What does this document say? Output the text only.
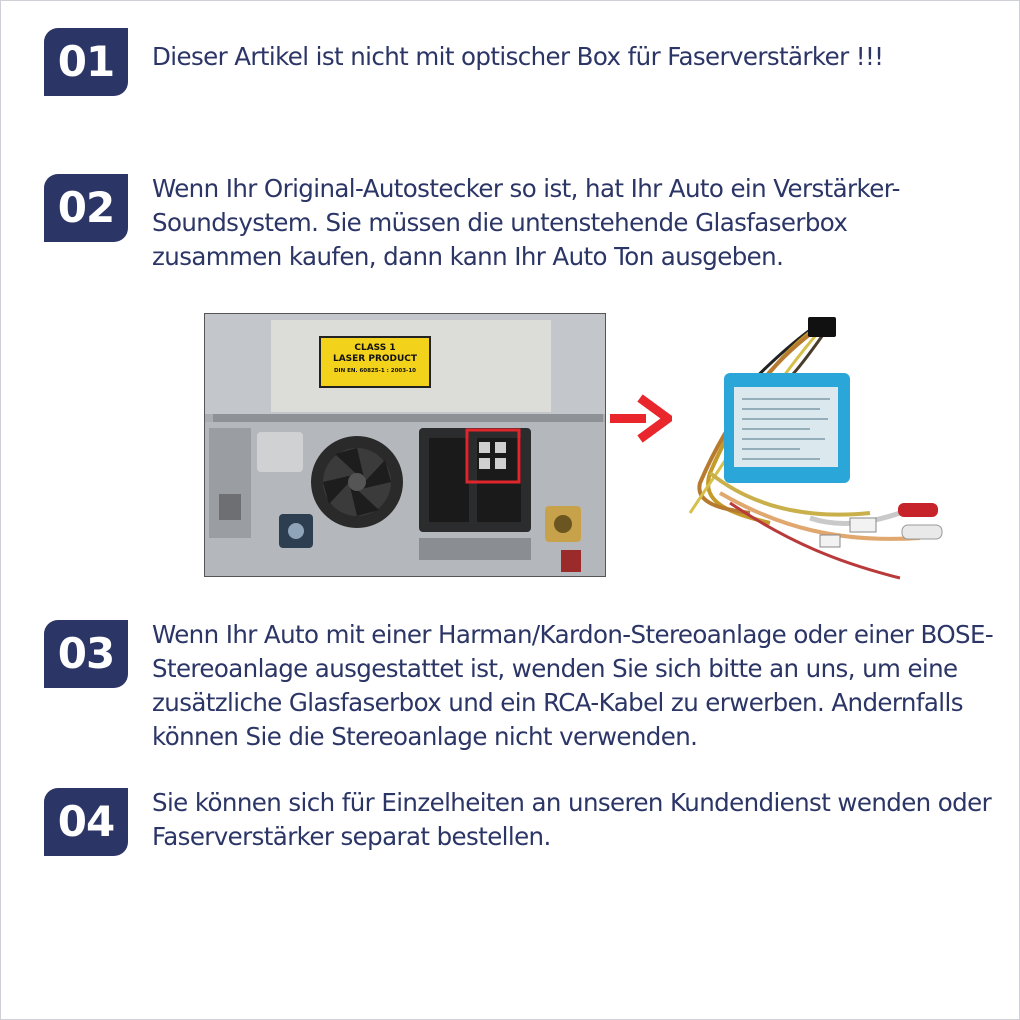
01	Dieser Artikel ist nicht mit optischer Box für Faserverstärker !!!
02	Wenn Ihr Original-Autostecker so ist, hat Ihr Auto ein Verstärker-Soundsystem. Sie müssen die untenstehende Glasfaserbox zusammen kaufen, dann kann Ihr Auto Ton ausgeben.
CLASS 1
LASER PRODUCT
DIN EN. 60825-1 : 2003-10
03	Wenn Ihr Auto mit einer Harman/Kardon-Stereoanlage oder einer BOSE-Stereoanlage ausgestattet ist, wenden Sie sich bitte an uns, um eine zusätzliche Glasfaserbox und ein RCA-Kabel zu erwerben. Andernfalls können Sie die Stereoanlage nicht verwenden.
04	Sie können sich für Einzelheiten an unseren Kundendienst wenden oder Faserverstärker separat bestellen.
